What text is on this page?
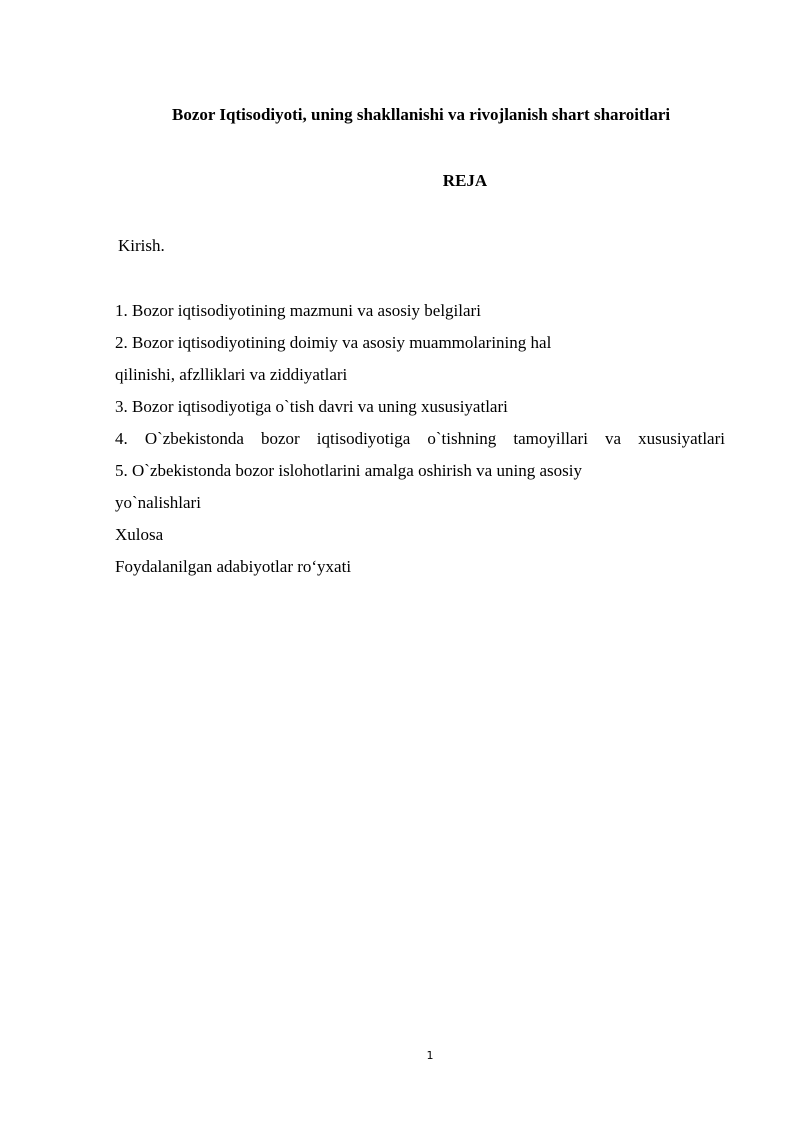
Bozor Iqtisodiyoti, uning shakllanishi va rivojlanish shart sharoitlari
REJA
Kirish.
1. Bozor iqtisodiyotining mazmuni va asosiy belgilari
2. Bozor iqtisodiyotining doimiy va asosiy muammolarining hal
qilinishi, afzlliklari va ziddiyatlari
3. Bozor iqtisodiyotiga o`tish davri va uning xususiyatlari
4. O`zbekistonda bozor iqtisodiyotiga o`tishning tamoyillari va xususiyatlari
5. O`zbekistonda bozor islohotlarini amalga oshirish va uning asosiy
yo`nalishlari
Xulosa
Foydalanilgan adabiyotlar ro‘yxati
1
